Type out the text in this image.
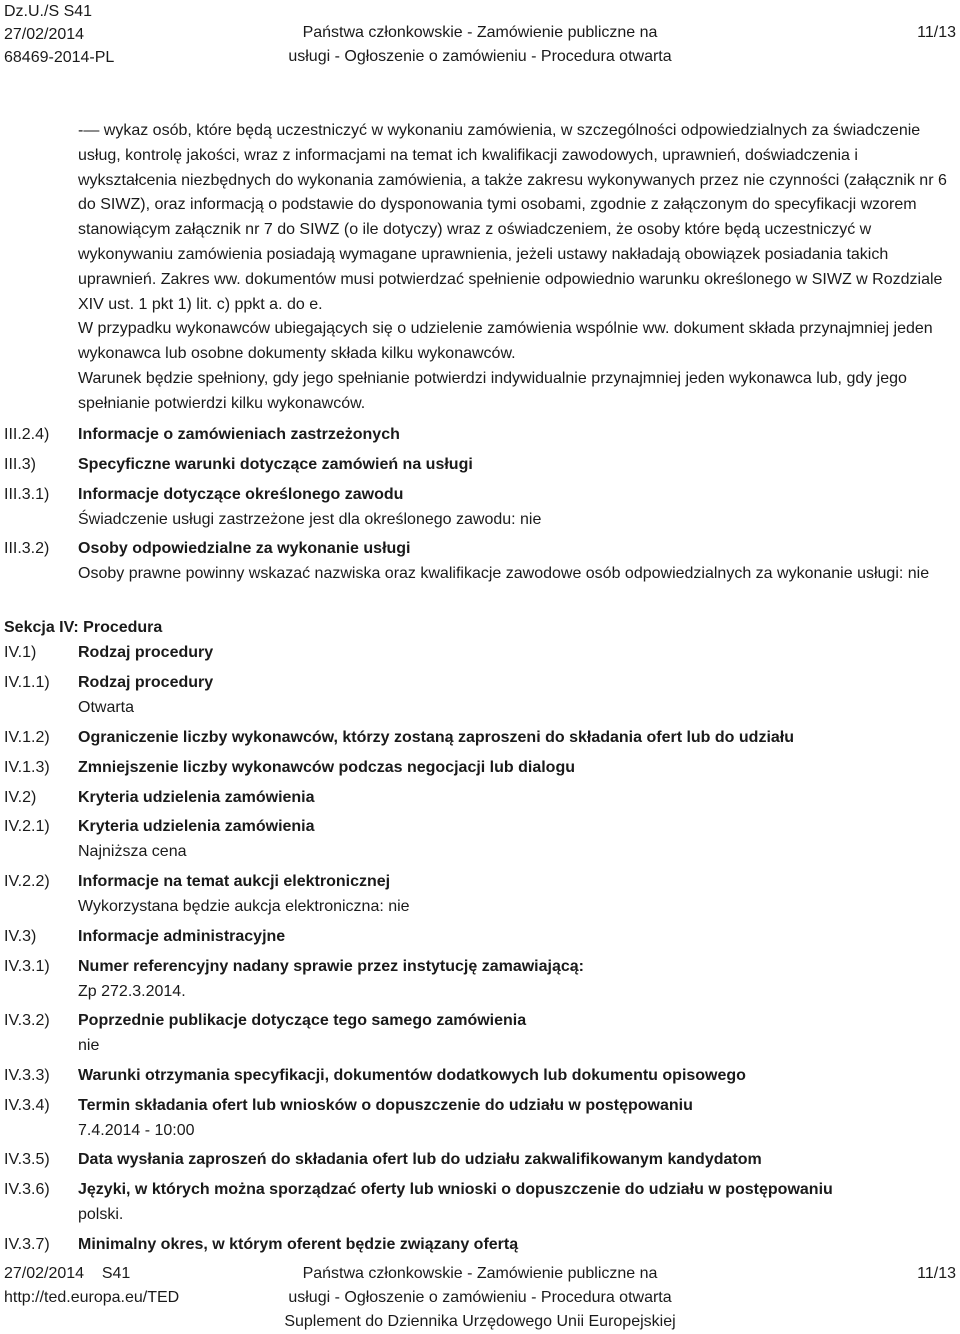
Dz.U./S S41
27/02/2014
68469-2014-PL
Państwa członkowskie - Zamówienie publiczne na
usługi - Ogłoszenie o zamówieniu - Procedura otwarta
11/13

-— wykaz osób, które będą uczestniczyć w wykonaniu zamówienia, w szczególności odpowiedzialnych za świadczenie usług, kontrolę jakości, wraz z informacjami na temat ich kwalifikacji zawodowych, uprawnień, doświadczenia i wykształcenia niezbędnych do wykonania zamówienia, a także zakresu wykonywanych przez nie czynności (załącznik nr 6 do SIWZ), oraz informacją o podstawie do dysponowania tymi osobami, zgodnie z załączonym do specyfikacji wzorem stanowiącym załącznik nr 7 do SIWZ (o ile dotyczy) wraz z oświadczeniem, że osoby które będą uczestniczyć w wykonywaniu zamówienia posiadają wymagane uprawnienia, jeżeli ustawy nakładają obowiązek posiadania takich uprawnień. Zakres ww. dokumentów musi potwierdzać spełnienie odpowiednio warunku określonego w SIWZ w Rozdziale XIV ust. 1 pkt 1) lit. c) ppkt a. do e.

W przypadku wykonawców ubiegających się o udzielenie zamówienia wspólnie ww. dokument składa przynajmniej jeden wykonawca lub osobne dokumenty składa kilku wykonawców.

Warunek będzie spełniony, gdy jego spełnianie potwierdzi indywidualnie przynajmniej jeden wykonawca lub, gdy jego spełnianie potwierdzi kilku wykonawców.

III.2.4) Informacje o zamówieniach zastrzeżonych
III.3)	Specyficzne warunki dotyczące zamówień na usługi
III.3.1) Informacje dotyczące określonego zawodu
Świadczenie usługi zastrzeżone jest dla określonego zawodu: nie
III.3.2) Osoby odpowiedzialne za wykonanie usługi
Osoby prawne powinny wskazać nazwiska oraz kwalifikacje zawodowe osób odpowiedzialnych za wykonanie usługi: nie
Sekcja IV: Procedura
IV.1)	Rodzaj procedury
IV.1.1) Rodzaj procedury
Otwarta
IV.1.2) Ograniczenie liczby wykonawców, którzy zostaną zaproszeni do składania ofert lub do udziału
IV.1.3) Zmniejszenie liczby wykonawców podczas negocjacji lub dialogu
IV.2)	Kryteria udzielenia zamówienia
IV.2.1) Kryteria udzielenia zamówienia
Najniższa cena
IV.2.2) Informacje na temat aukcji elektronicznej
Wykorzystana będzie aukcja elektroniczna: nie
IV.3)	Informacje administracyjne
IV.3.1) Numer referencyjny nadany sprawie przez instytucję zamawiającą:
Zp 272.3.2014.
IV.3.2) Poprzednie publikacje dotyczące tego samego zamówienia
nie
IV.3.3) Warunki otrzymania specyfikacji, dokumentów dodatkowych lub dokumentu opisowego
IV.3.4) Termin składania ofert lub wniosków o dopuszczenie do udziału w postępowaniu
7.4.2014 - 10:00
IV.3.5) Data wysłania zaproszeń do składania ofert lub do udziału zakwalifikowanym kandydatom
IV.3.6) Języki, w których można sporządzać oferty lub wnioski o dopuszczenie do udziału w postępowaniu
polski.
IV.3.7) Minimalny okres, w którym oferent będzie związany ofertą
27/02/2014    S41
http://ted.europa.eu/TED
Państwa członkowskie - Zamówienie publiczne na
usługi - Ogłoszenie o zamówieniu - Procedura otwarta
Suplement do Dziennika Urzędowego Unii Europejskiej
11/13
